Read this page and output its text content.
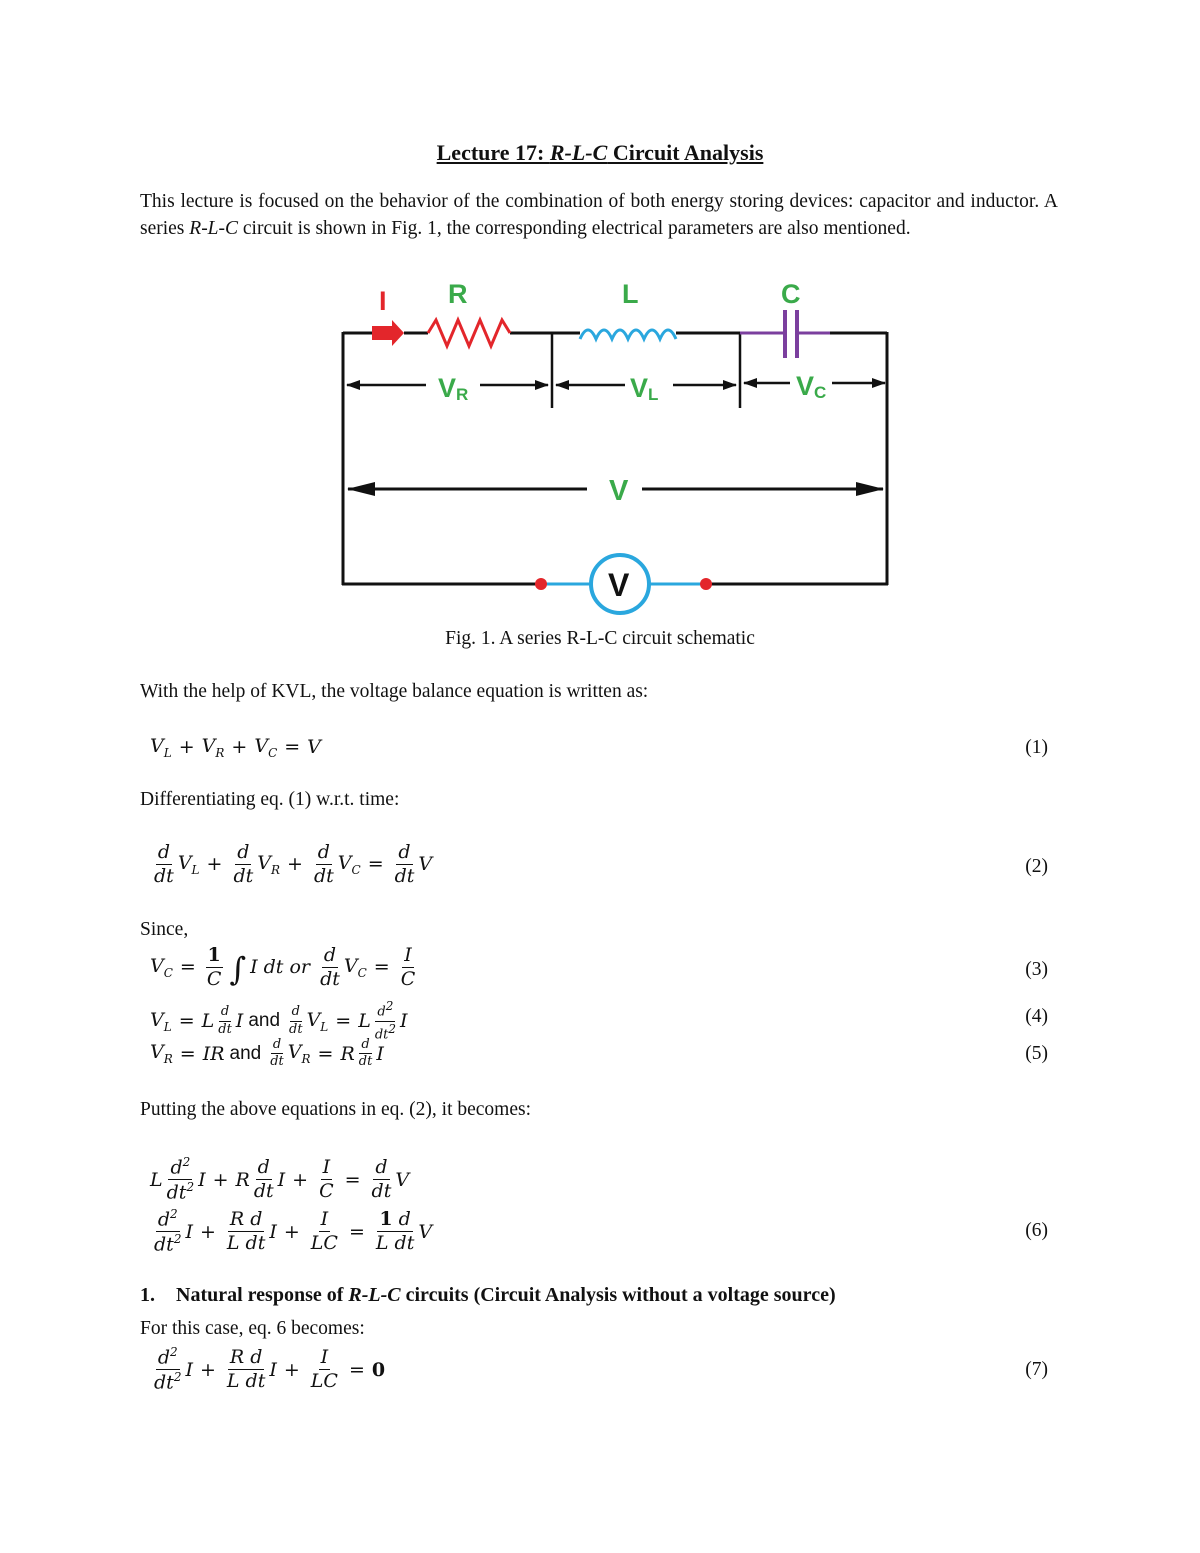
Lecture 17: R-L-C Circuit Analysis
This lecture is focused on the behavior of the combination of both energy storing devices: capacitor and inductor. A series R-L-C circuit is shown in Fig. 1, the corresponding electrical parameters are also mentioned.
I R	L	C
VR	VL	VC
V
V
Fig. 1. A series R-L-C circuit schematic
With the help of KVL, the voltage balance equation is written as:
$V_L + V_R + V_C = V$	(1)
Differentiating eq. (1) w.r.t. time:
$\frac{d}{dt} V_L + \frac{d}{dt} V_R + \frac{d}{dt} V_C = \frac{d}{dt}$ V	(2)
Since,
$V_C = \frac{1}{C}$ ∫ I
dt
or
$\frac{d}{dt} V_C = \frac{I}{C}$	(3)
$V_L = L \frac{d}{dt}$ I and $\frac{d}{dt} V_L = L \frac{d^2}{dt^2}$ I	(4)
$V_R$ = IR and $\frac{d}{dt} V_R = R \frac{d}{dt}$ I	(5)
Putting the above equations in eq. (2), it becomes:
L $\frac{d^2}{dt^2}$ I + R $\frac{d}{dt}$ $I + \frac{I}{C} = \frac{d}{dt}$ V
$\frac{d^2}{dt^2}$ $I + \frac{\text{R d}}{\text{L dt}}$ $I + \frac{I}{LC} = \frac{1 d}{\text{L dt}}$ V	(6)
1. Natural response of R-L-C circuits (Circuit Analysis without a voltage source)
For this case, eq. 6 becomes:
$\frac{d^2}{dt^2}$ $I + \frac{\text{R d}}{\text{L dt}}$ $I + \frac{I}{LC} = 0$	(7)
